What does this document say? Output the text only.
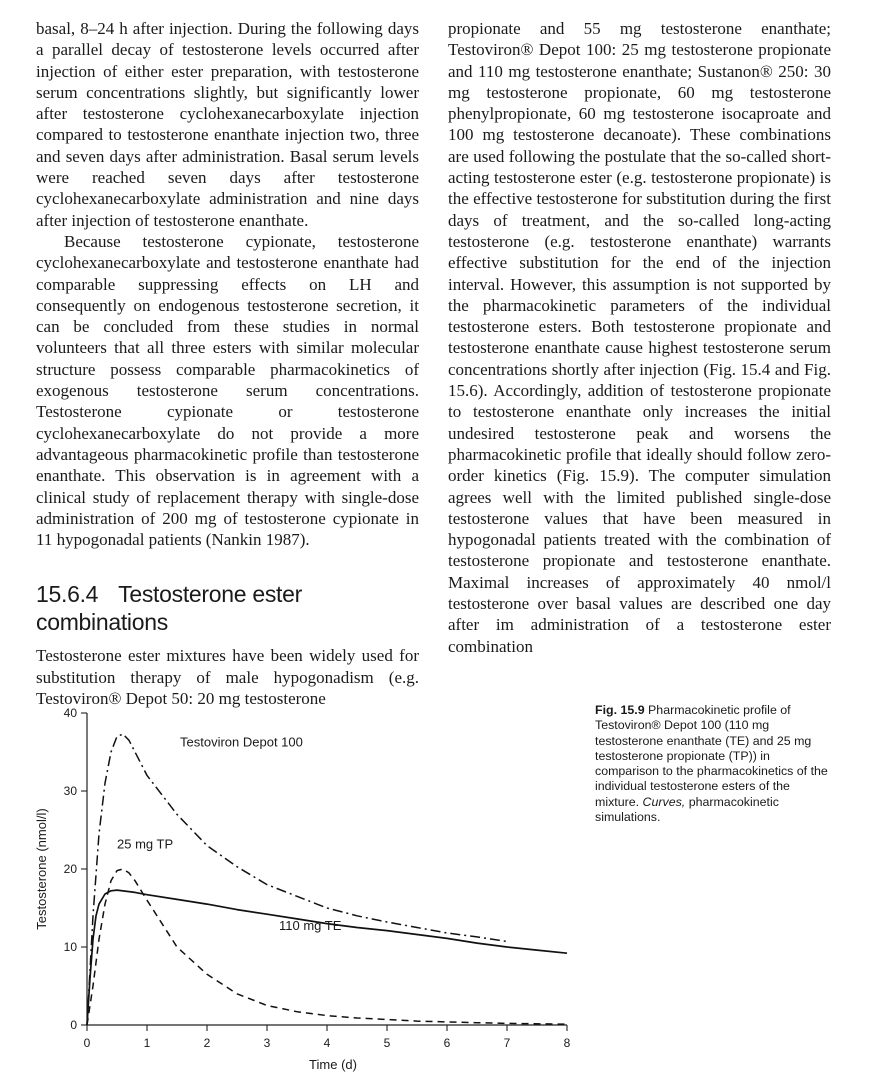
basal, 8–24 h after injection. During the following days a parallel decay of testosterone levels occurred after injection of either ester preparation, with testosterone serum concentrations slightly, but significantly lower after testosterone cyclohexanecarboxylate injection compared to testosterone enanthate injection two, three and seven days after administration. Basal serum levels were reached seven days after testosterone cyclohexanecarboxylate administration and nine days after injection of testosterone enanthate.

Because testosterone cypionate, testosterone cyclohexanecarboxylate and testosterone enanthate had comparable suppressing effects on LH and consequently on endogenous testosterone secretion, it can be concluded from these studies in normal volunteers that all three esters with similar molecular structure possess comparable pharmacokinetics of exogenous testosterone serum concentrations. Testosterone cypionate or testosterone cyclohexanecarboxylate do not provide a more advantageous pharmacokinetic profile than testosterone enanthate. This observation is in agreement with a clinical study of replacement therapy with single-dose administration of 200 mg of testosterone cypionate in 11 hypogonadal patients (Nankin 1987).

15.6.4 Testosterone ester combinations

Testosterone ester mixtures have been widely used for substitution therapy of male hypogonadism (e.g. Testoviron® Depot 50: 20 mg testosterone

propionate and 55 mg testosterone enanthate; Testoviron® Depot 100: 25 mg testosterone propionate and 110 mg testosterone enanthate; Sustanon® 250: 30 mg testosterone propionate, 60 mg testosterone phenylpropionate, 60 mg testosterone isocaproate and 100 mg testosterone decanoate). These combinations are used following the postulate that the so-called short-acting testosterone ester (e.g. testosterone propionate) is the effective testosterone for substitution during the first days of treatment, and the so-called long-acting testosterone (e.g. testosterone enanthate) warrants effective substitution for the end of the injection interval. However, this assumption is not supported by the pharmacokinetic parameters of the individual testosterone esters. Both testosterone propionate and testosterone enanthate cause highest testosterone serum concentrations shortly after injection (Fig. 15.4 and Fig. 15.6). Accordingly, addition of testosterone propionate to testosterone enanthate only increases the initial undesired testosterone peak and worsens the pharmacokinetic profile that ideally should follow zero-order kinetics (Fig. 15.9). The computer simulation agrees well with the limited published single-dose testosterone values that have been measured in hypogonadal patients treated with the combination of testosterone propionate and testosterone enanthate. Maximal increases of approximately 40 nmol/l testosterone over basal values are described one day after im administration of a testosterone ester combination

0	1	2	3	4	5	6	7	8
0
10
20
30
40
Time (d)
Testosterone (nmol/l)
Testoviron Depot 100
25 mg TP
110 mg TE
Fig. 15.9 Pharmacokinetic profile of Testoviron® Depot 100 (110 mg testosterone enanthate (TE) and 25 mg testosterone propionate (TP)) in comparison to the pharmacokinetics of the individual testosterone esters of the mixture. Curves, pharmacokinetic simulations.
